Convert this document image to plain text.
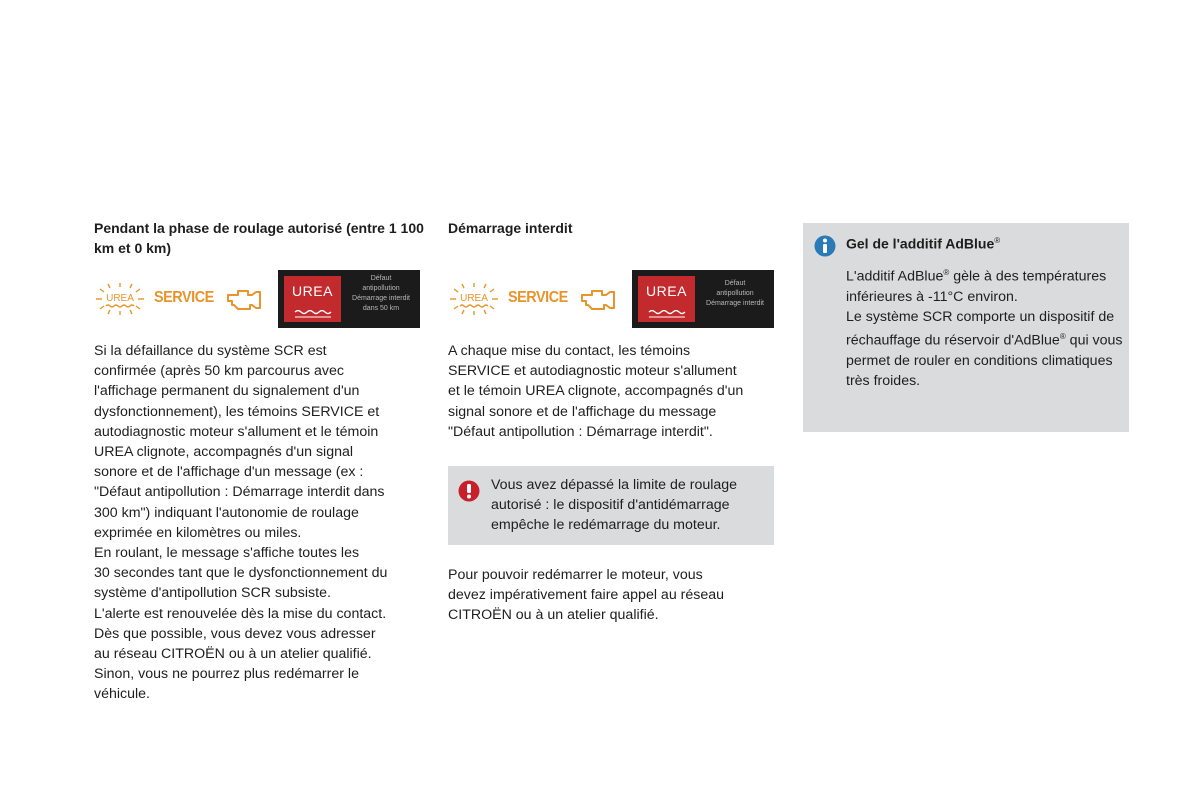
Pendant la phase de roulage autorisé (entre 1 100 km et 0 km)

UREA SERVICE	UREA
Défaut
antipollution
Démarrage interdit
dans 50 km

Si la défaillance du système SCR est
confirmée (après 50 km parcourus avec
l'affichage permanent du signalement d'un
dysfonctionnement), les témoins SERVICE et
autodiagnostic moteur s'allument et le témoin
UREA clignote, accompagnés d'un signal
sonore et de l'affichage d'un message (ex :
"Défaut antipollution : Démarrage interdit dans
300 km") indiquant l'autonomie de roulage
exprimée en kilomètres ou miles.
En roulant, le message s'affiche toutes les
30 secondes tant que le dysfonctionnement du
système d'antipollution SCR subsiste.
L'alerte est renouvelée dès la mise du contact.
Dès que possible, vous devez vous adresser
au réseau CITROËN ou à un atelier qualifié.
Sinon, vous ne pourrez plus redémarrer le
véhicule.

Démarrage interdit

UREA SERVICE	UREA	Défaut
antipollution
Démarrage interdit

A chaque mise du contact, les témoins
SERVICE et autodiagnostic moteur s'allument
et le témoin UREA clignote, accompagnés d'un
signal sonore et de l'affichage du message
"Défaut antipollution : Démarrage interdit".

Vous avez dépassé la limite de roulage
autorisé : le dispositif d'antidémarrage
empêche le redémarrage du moteur.

Pour pouvoir redémarrer le moteur, vous
devez impérativement faire appel au réseau
CITROËN ou à un atelier qualifié.

Gel de l'additif AdBlue®
L'additif AdBlue® gèle à des températures inférieures à -11°C environ.
Le système SCR comporte un dispositif de réchauffage du réservoir d'AdBlue® qui vous permet de rouler en conditions climatiques très froides.
